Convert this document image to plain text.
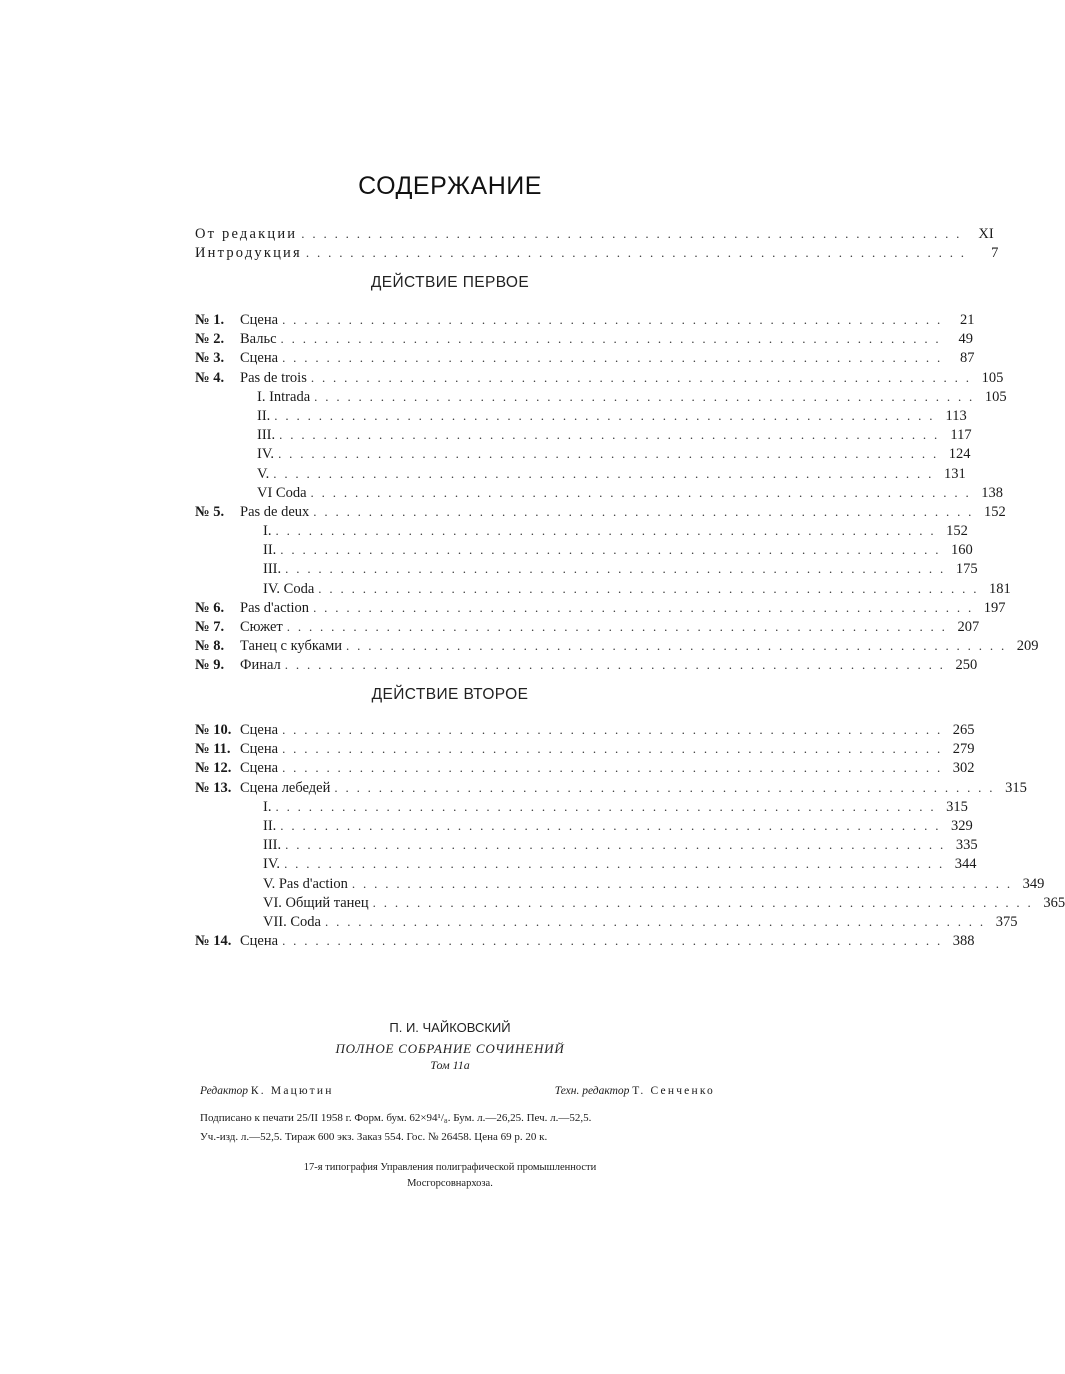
СОДЕРЖАНИЕ
От редакции . . . . . . . . . . . . . . . . . . . . . . . . . . . . . . . . . . . . . . . . . . . . . . . . . . . . . . . . . . . .	XI
Интродукция . . . . . . . . . . . . . . . . . . . . . . . . . . . . . . . . . . . . . . . . . . . . . . . . . . . . . . . . . . . .	7
ДЕЙСТВИЕ ПЕРВОЕ
№ 1.	Сцена . . . . . . . . . . . . . . . . . . . . . . . . . . . . . . . . . . . . . . . . . . . . . . . . . . . . . . . . . . . .	21
№ 2.	Вальс . . . . . . . . . . . . . . . . . . . . . . . . . . . . . . . . . . . . . . . . . . . . . . . . . . . . . . . . . . . .	49
№ 3.	Сцена . . . . . . . . . . . . . . . . . . . . . . . . . . . . . . . . . . . . . . . . . . . . . . . . . . . . . . . . . . . .	87
№ 4.	Pas de trois . . . . . . . . . . . . . . . . . . . . . . . . . . . . . . . . . . . . . . . . . . . . . . . . . . . . . . . . . . . . 105
I. Intrada . . . . . . . . . . . . . . . . . . . . . . . . . . . . . . . . . . . . . . . . . . . . . . . . . . . . . . . . . . . . 105
II. . . . . . . . . . . . . . . . . . . . . . . . . . . . . . . . . . . . . . . . . . . . . . . . . . . . . . . . . . . . . 113
III. . . . . . . . . . . . . . . . . . . . . . . . . . . . . . . . . . . . . . . . . . . . . . . . . . . . . . . . . . . . . 117
IV. . . . . . . . . . . . . . . . . . . . . . . . . . . . . . . . . . . . . . . . . . . . . . . . . . . . . . . . . . . . . 124
V. . . . . . . . . . . . . . . . . . . . . . . . . . . . . . . . . . . . . . . . . . . . . . . . . . . . . . . . . . . . . 131
VI Coda . . . . . . . . . . . . . . . . . . . . . . . . . . . . . . . . . . . . . . . . . . . . . . . . . . . . . . . . . . . . 138
№ 5.	Pas de deux . . . . . . . . . . . . . . . . . . . . . . . . . . . . . . . . . . . . . . . . . . . . . . . . . . . . . . . . . . . . 152
I. . . . . . . . . . . . . . . . . . . . . . . . . . . . . . . . . . . . . . . . . . . . . . . . . . . . . . . . . . . . . 152
II. . . . . . . . . . . . . . . . . . . . . . . . . . . . . . . . . . . . . . . . . . . . . . . . . . . . . . . . . . . . . 160
III. . . . . . . . . . . . . . . . . . . . . . . . . . . . . . . . . . . . . . . . . . . . . . . . . . . . . . . . . . . . . 175
IV. Coda . . . . . . . . . . . . . . . . . . . . . . . . . . . . . . . . . . . . . . . . . . . . . . . . . . . . . . . . . . . . 181
№ 6.	Pas d'action . . . . . . . . . . . . . . . . . . . . . . . . . . . . . . . . . . . . . . . . . . . . . . . . . . . . . . . . . . . . 197
№ 7.	Сюжет . . . . . . . . . . . . . . . . . . . . . . . . . . . . . . . . . . . . . . . . . . . . . . . . . . . . . . . . . . . . 207
№ 8.	Танец с кубками . . . . . . . . . . . . . . . . . . . . . . . . . . . . . . . . . . . . . . . . . . . . . . . . . . . . . . . . . . . . 209
№ 9.	Финал . . . . . . . . . . . . . . . . . . . . . . . . . . . . . . . . . . . . . . . . . . . . . . . . . . . . . . . . . . . . 250
ДЕЙСТВИЕ ВТОРОЕ
№ 10. Сцена . . . . . . . . . . . . . . . . . . . . . . . . . . . . . . . . . . . . . . . . . . . . . . . . . . . . . . . . . . . . 265
№ 11. Сцена . . . . . . . . . . . . . . . . . . . . . . . . . . . . . . . . . . . . . . . . . . . . . . . . . . . . . . . . . . . . 279
№ 12. Сцена . . . . . . . . . . . . . . . . . . . . . . . . . . . . . . . . . . . . . . . . . . . . . . . . . . . . . . . . . . . . 302
№ 13. Сцена лебедей . . . . . . . . . . . . . . . . . . . . . . . . . . . . . . . . . . . . . . . . . . . . . . . . . . . . . . . . . . . . 315
I. . . . . . . . . . . . . . . . . . . . . . . . . . . . . . . . . . . . . . . . . . . . . . . . . . . . . . . . . . . . . 315
II. . . . . . . . . . . . . . . . . . . . . . . . . . . . . . . . . . . . . . . . . . . . . . . . . . . . . . . . . . . . . 329
III. . . . . . . . . . . . . . . . . . . . . . . . . . . . . . . . . . . . . . . . . . . . . . . . . . . . . . . . . . . . . 335
IV. . . . . . . . . . . . . . . . . . . . . . . . . . . . . . . . . . . . . . . . . . . . . . . . . . . . . . . . . . . . . 344
V. Pas d'action . . . . . . . . . . . . . . . . . . . . . . . . . . . . . . . . . . . . . . . . . . . . . . . . . . . . . . . . . . . . 349
VI. Общий танец . . . . . . . . . . . . . . . . . . . . . . . . . . . . . . . . . . . . . . . . . . . . . . . . . . . . . . . . . . . . 365
VII. Coda . . . . . . . . . . . . . . . . . . . . . . . . . . . . . . . . . . . . . . . . . . . . . . . . . . . . . . . . . . . . 375
№ 14. Сцена . . . . . . . . . . . . . . . . . . . . . . . . . . . . . . . . . . . . . . . . . . . . . . . . . . . . . . . . . . . . 388
П. И. ЧАЙКОВСКИЙ
ПОЛНОЕ СОБРАНИЕ СОЧИНЕНИЙ
Том 11а
Редактор К. Мацютин	Техн. редактор Т. Сенченко
Подписано к печати 25/II 1958 г. Форм. бум. 62×94¹/₈. Бум. л.—26,25. Печ. л.—52,5.
Уч.-изд. л.—52,5. Тираж 600 экз. Заказ 554. Гос. № 26458. Цена 69 р. 20 к.
17-я типография Управления полиграфической промышленности
Мосгорсовнархоза.
